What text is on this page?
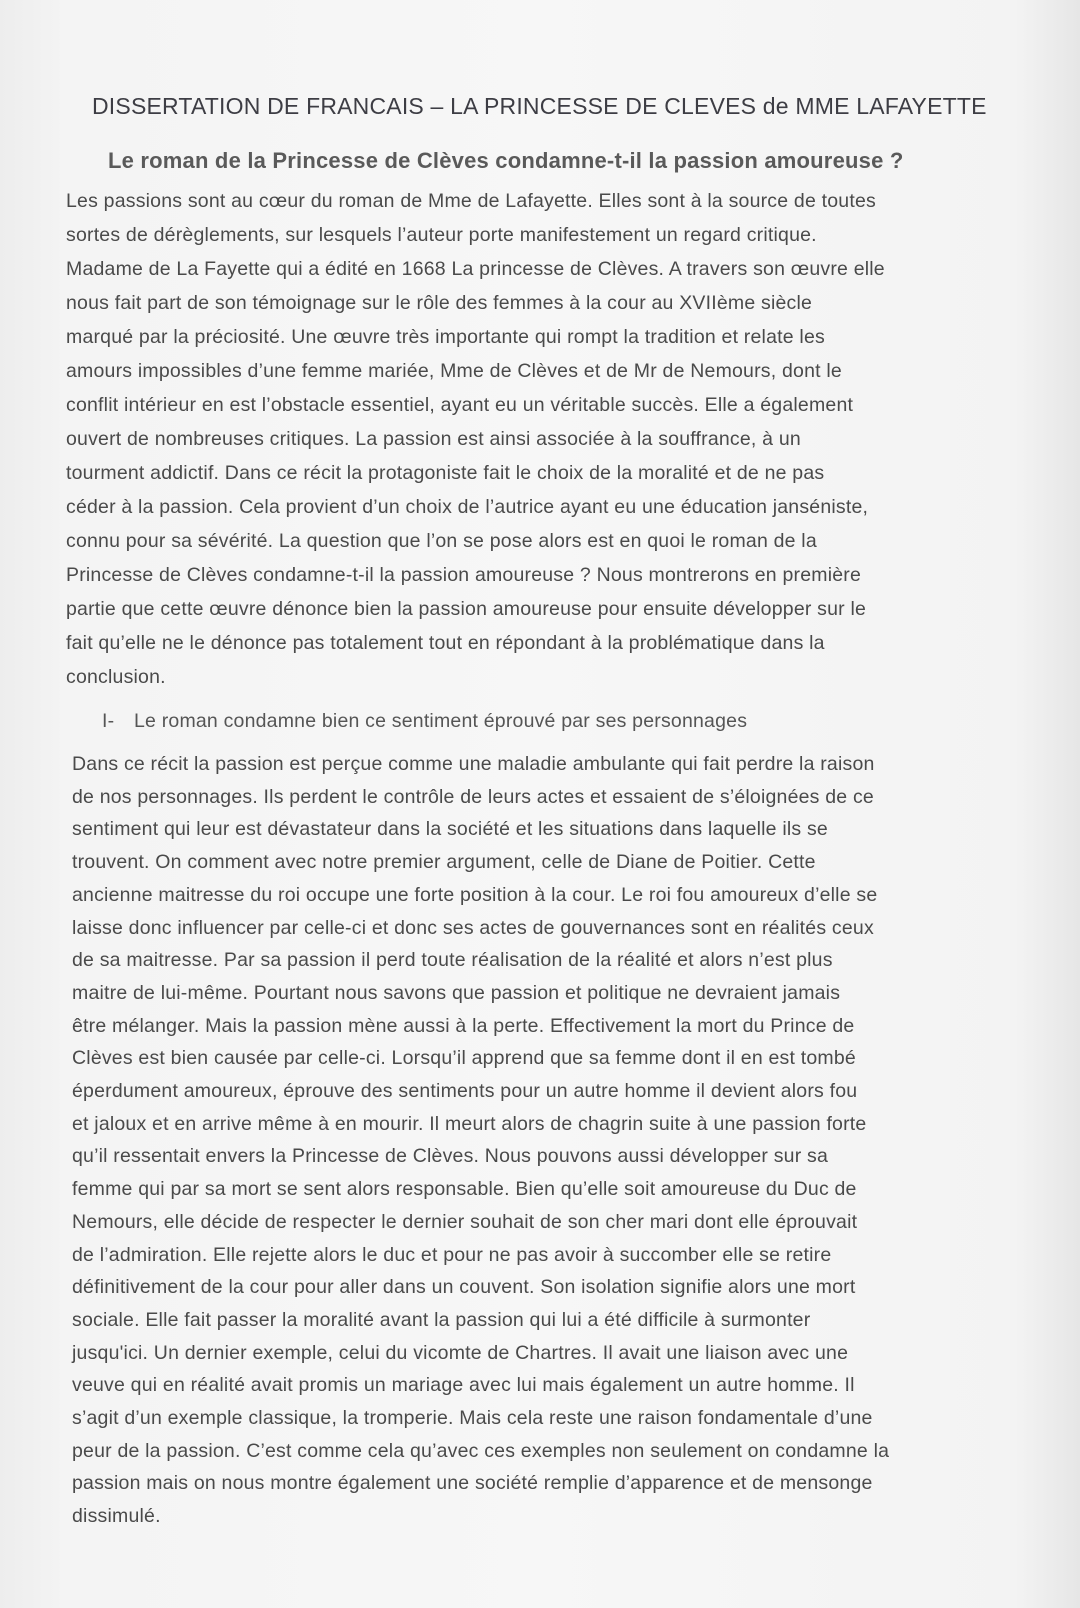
DISSERTATION DE FRANCAIS – LA PRINCESSE DE CLEVES de MME LAFAYETTE
Le roman de la Princesse de Clèves condamne-t-il la passion amoureuse ?

Les passions sont au cœur du roman de Mme de Lafayette. Elles sont à la source de toutes
sortes de dérèglements, sur lesquels l’auteur porte manifestement un regard critique.
Madame de La Fayette qui a édité en 1668 La princesse de Clèves. A travers son œuvre elle
nous fait part de son témoignage sur le rôle des femmes à la cour au XVIIème siècle
marqué par la préciosité. Une œuvre très importante qui rompt la tradition et relate les
amours impossibles d’une femme mariée, Mme de Clèves et de Mr de Nemours, dont le
conflit intérieur en est l’obstacle essentiel, ayant eu un véritable succès. Elle a également
ouvert de nombreuses critiques. La passion est ainsi associée à la souffrance, à un
tourment addictif. Dans ce récit la protagoniste fait le choix de la moralité et de ne pas
céder à la passion. Cela provient d’un choix de l’autrice ayant eu une éducation janséniste,
connu pour sa sévérité. La question que l’on se pose alors est en quoi le roman de la
Princesse de Clèves condamne-t-il la passion amoureuse ? Nous montrerons en première
partie que cette œuvre dénonce bien la passion amoureuse pour ensuite développer sur le
fait qu’elle ne le dénonce pas totalement tout en répondant à la problématique dans la
conclusion.

I- Le roman condamne bien ce sentiment éprouvé par ses personnages

Dans ce récit la passion est perçue comme une maladie ambulante qui fait perdre la raison
de nos personnages. Ils perdent le contrôle de leurs actes et essaient de s’éloignées de ce
sentiment qui leur est dévastateur dans la société et les situations dans laquelle ils se
trouvent. On comment avec notre premier argument, celle de Diane de Poitier. Cette
ancienne maitresse du roi occupe une forte position à la cour. Le roi fou amoureux d’elle se
laisse donc influencer par celle-ci et donc ses actes de gouvernances sont en réalités ceux
de sa maitresse. Par sa passion il perd toute réalisation de la réalité et alors n’est plus
maitre de lui-même. Pourtant nous savons que passion et politique ne devraient jamais
être mélanger. Mais la passion mène aussi à la perte. Effectivement la mort du Prince de
Clèves est bien causée par celle-ci. Lorsqu’il apprend que sa femme dont il en est tombé
éperdument amoureux, éprouve des sentiments pour un autre homme il devient alors fou
et jaloux et en arrive même à en mourir. Il meurt alors de chagrin suite à une passion forte
qu’il ressentait envers la Princesse de Clèves. Nous pouvons aussi développer sur sa
femme qui par sa mort se sent alors responsable. Bien qu’elle soit amoureuse du Duc de
Nemours, elle décide de respecter le dernier souhait de son cher mari dont elle éprouvait
de l’admiration. Elle rejette alors le duc et pour ne pas avoir à succomber elle se retire
définitivement de la cour pour aller dans un couvent. Son isolation signifie alors une mort
sociale. Elle fait passer la moralité avant la passion qui lui a été difficile à surmonter
jusqu'ici. Un dernier exemple, celui du vicomte de Chartres. Il avait une liaison avec une
veuve qui en réalité avait promis un mariage avec lui mais également un autre homme. Il
s’agit d’un exemple classique, la tromperie. Mais cela reste une raison fondamentale d’une
peur de la passion. C’est comme cela qu’avec ces exemples non seulement on condamne la
passion mais on nous montre également une société remplie d’apparence et de mensonge
dissimulé.
